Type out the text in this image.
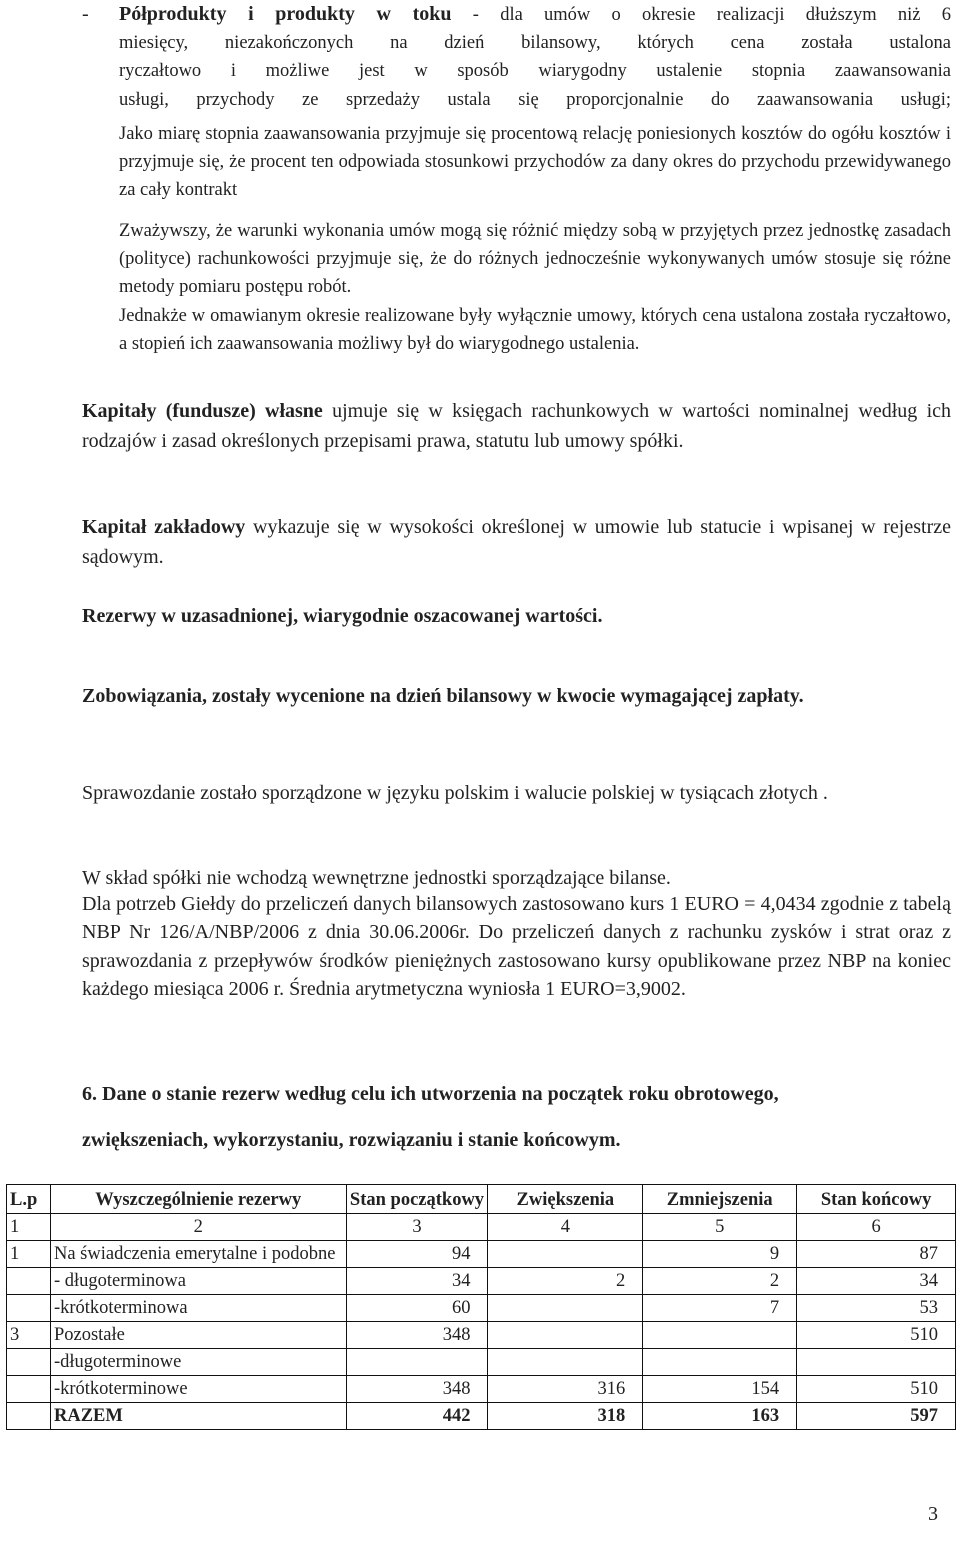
- Półprodukty i produkty w toku - dla umów o okresie realizacji dłuższym niż 6
miesięcy, niezakończonych na dzień bilansowy, których cena została ustalona
ryczałtowo i możliwe jest w sposób wiarygodny ustalenie stopnia zaawansowania
usługi, przychody ze sprzedaży ustala się proporcjonalnie do zaawansowania usługi;
Jako miarę stopnia zaawansowania przyjmuje się procentową relację poniesionych kosztów do ogółu kosztów i przyjmuje się, że procent ten odpowiada stosunkowi przychodów za dany okres do przychodu przewidywanego za cały kontrakt
Zważywszy, że warunki wykonania umów mogą się różnić między sobą w przyjętych przez jednostkę zasadach (polityce) rachunkowości przyjmuje się, że do różnych jednocześnie wykonywanych umów stosuje się różne metody pomiaru postępu robót.
Jednakże w omawianym okresie realizowane były wyłącznie umowy, których cena ustalona została ryczałtowo, a stopień ich zaawansowania możliwy był do wiarygodnego ustalenia.
Kapitały (fundusze) własne ujmuje się w księgach rachunkowych w wartości nominalnej według ich rodzajów i zasad określonych przepisami prawa, statutu lub umowy spółki.
Kapitał zakładowy wykazuje się w wysokości określonej w umowie lub statucie i wpisanej w rejestrze sądowym.
Rezerwy w uzasadnionej, wiarygodnie oszacowanej wartości.
Zobowiązania, zostały wycenione na dzień bilansowy w kwocie wymagającej zapłaty.
Sprawozdanie zostało sporządzone w języku polskim i walucie polskiej w tysiącach złotych .
W skład spółki nie wchodzą wewnętrzne jednostki sporządzające bilanse.
Dla potrzeb Giełdy do przeliczeń danych bilansowych zastosowano kurs 1 EURO = 4,0434 zgodnie z tabelą NBP Nr 126/A/NBP/2006 z dnia 30.06.2006r. Do przeliczeń danych z rachunku zysków i strat oraz z sprawozdania z przepływów środków pieniężnych zastosowano kursy opublikowane przez NBP na koniec każdego miesiąca 2006 r. Średnia arytmetyczna wyniosła 1 EURO=3,9002.
6. Dane o stanie rezerw według celu ich utworzenia na początek roku obrotowego,
zwiększeniach, wykorzystaniu, rozwiązaniu i stanie końcowym.
L.p	Wyszczególnienie rezerwy	Stan początkowy	Zwiększenia	Zmniejszenia	Stan końcowy
1	2	3	4	5	6
1	Na świadczenia emerytalne i podobne	94		9	87
	- długoterminowa	34	2	2	34
	-krótkoterminowa	60		7	53
3	Pozostałe	348			510
	-długoterminowe				
	-krótkoterminowe	348	316	154	510
	RAZEM	442	318	163	597
3
